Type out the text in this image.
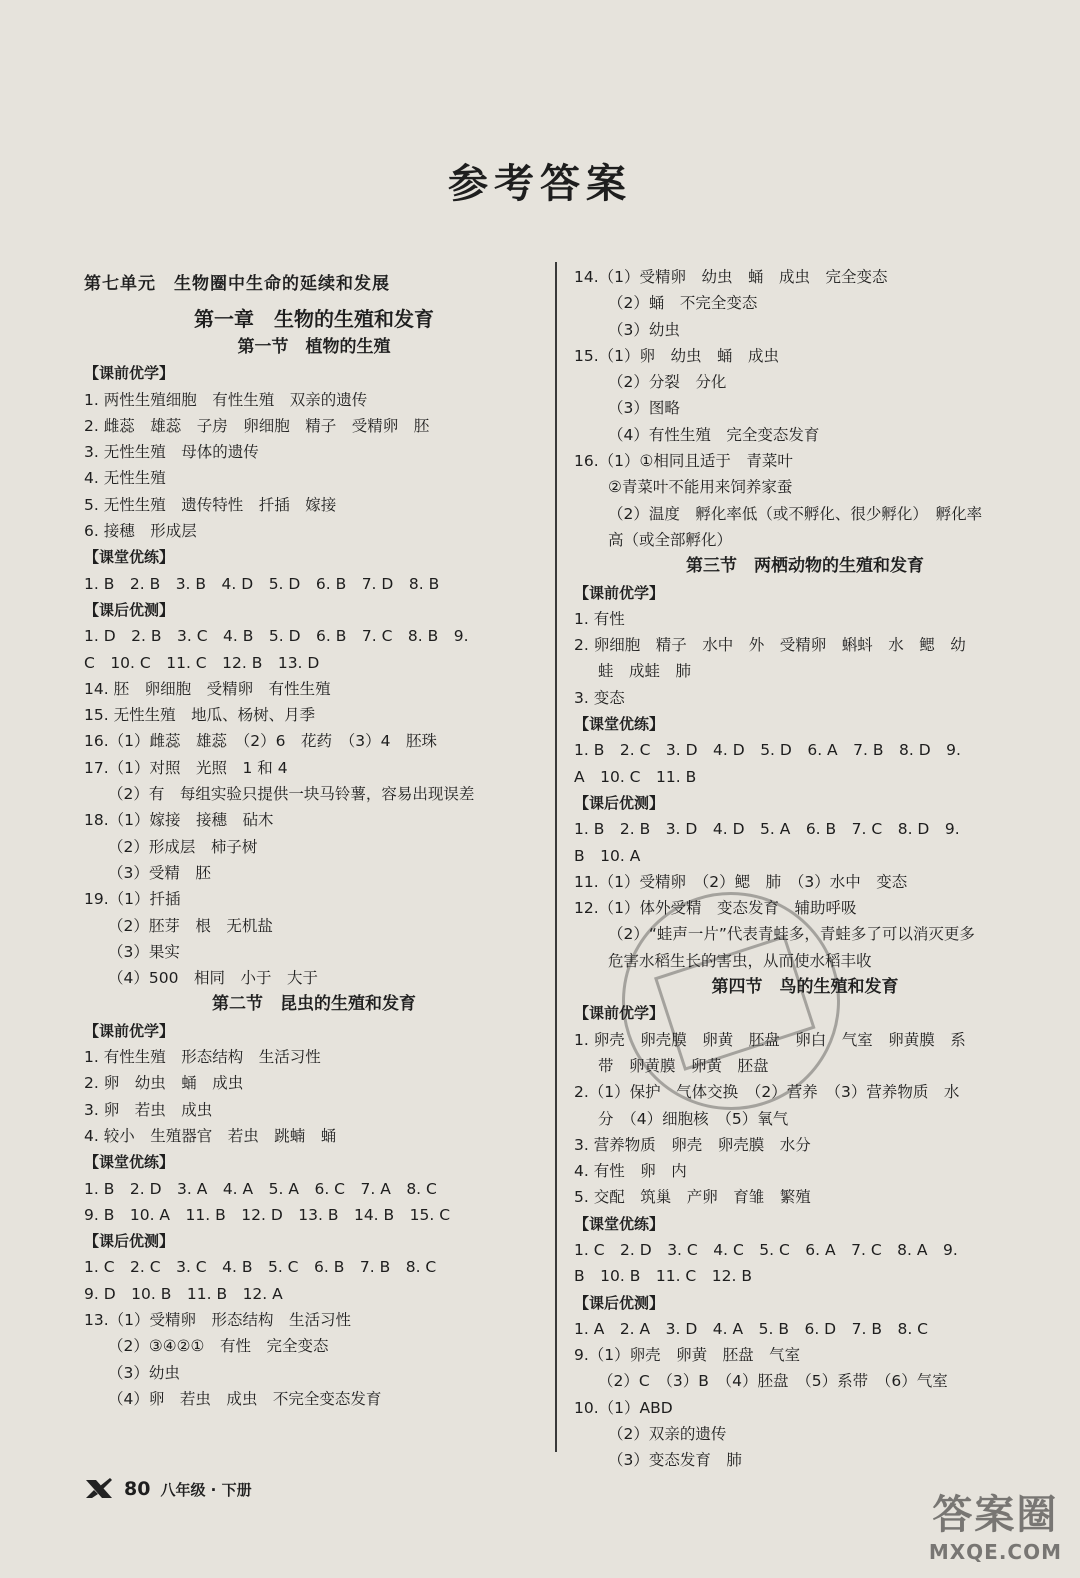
参考答案
第七单元　生物圈中生命的延续和发展
第一章　生物的生殖和发育
第一节　植物的生殖
【课前优学】
1. 两性生殖细胞　有性生殖　双亲的遗传
2. 雌蕊　雄蕊　子房　卵细胞　精子　受精卵　胚
3. 无性生殖　母体的遗传
4. 无性生殖
5. 无性生殖　遗传特性　扦插　嫁接
6. 接穗　形成层
【课堂优练】
1. B　2. B　3. B　4. D　5. D　6. B　7. D　8. B
【课后优测】
1. D　2. B　3. C　4. B　5. D　6. B　7. C　8. B　9.
C　10. C　11. C　12. B　13. D
14. 胚　卵细胞　受精卵　有性生殖
15. 无性生殖　地瓜、杨树、月季
16.（1）雌蕊　雄蕊　（2）6　花药　（3）4　胚珠
17.（1）对照　光照　1 和 4
（2）有　每组实验只提供一块马铃薯，容易出现误差
18.（1）嫁接　接穗　砧木
（2）形成层　柿子树
（3）受精　胚
19.（1）扦插
（2）胚芽　根　无机盐
（3）果实
（4）500　相同　小于　大于
第二节　昆虫的生殖和发育
【课前优学】
1. 有性生殖　形态结构　生活习性
2. 卵　幼虫　蛹　成虫
3. 卵　若虫　成虫
4. 较小　生殖器官　若虫　跳蝻　蛹
【课堂优练】
1. B　2. D　3. A　4. A　5. A　6. C　7. A　8. C
9. B　10. A　11. B　12. D　13. B　14. B　15. C
【课后优测】
1. C　2. C　3. C　4. B　5. C　6. B　7. B　8. C
9. D　10. B　11. B　12. A
13.（1）受精卵　形态结构　生活习性
（2）③④②①　有性　完全变态
（3）幼虫
（4）卵　若虫　成虫　不完全变态发育
14.（1）受精卵　幼虫　蛹　成虫　完全变态
（2）蛹　不完全变态
（3）幼虫
15.（1）卵　幼虫　蛹　成虫
（2）分裂　分化
（3）图略
（4）有性生殖　完全变态发育
16.（1）①相同且适于　青菜叶
②青菜叶不能用来饲养家蚕
（2）温度　孵化率低（或不孵化、很少孵化）　孵化率
高（或全部孵化）
第三节　两栖动物的生殖和发育
【课前优学】
1. 有性
2. 卵细胞　精子　水中　外　受精卵　蝌蚪　水　鳃　幼
蛙　成蛙　肺
3. 变态
【课堂优练】
1. B　2. C　3. D　4. D　5. D　6. A　7. B　8. D　9.
A　10. C　11. B
【课后优测】
1. B　2. B　3. D　4. D　5. A　6. B　7. C　8. D　9.
B　10. A
11.（1）受精卵　（2）鳃　肺　（3）水中　变态
12.（1）体外受精　变态发育　辅助呼吸
（2）“蛙声一片”代表青蛙多，青蛙多了可以消灭更多
危害水稻生长的害虫，从而使水稻丰收
第四节　鸟的生殖和发育
【课前优学】
1. 卵壳　卵壳膜　卵黄　胚盘　卵白　气室　卵黄膜　系
带　卵黄膜　卵黄　胚盘
2.（1）保护　气体交换　（2）营养　（3）营养物质　水
分　（4）细胞核　（5）氧气
3. 营养物质　卵壳　卵壳膜　水分
4. 有性　卵　内
5. 交配　筑巢　产卵　育雏　繁殖
【课堂优练】
1. C　2. D　3. C　4. C　5. C　6. A　7. C　8. A　9.
B　10. B　11. C　12. B
【课后优测】
1. A　2. A　3. D　4. A　5. B　6. D　7. B　8. C
9.（1）卵壳　卵黄　胚盘　气室
（2）C　（3）B　（4）胚盘　（5）系带　（6）气室
10.（1）ABD
（2）双亲的遗传
（3）变态发育　肺
80 八年级 · 下册
答案圈
MXQE.COM
